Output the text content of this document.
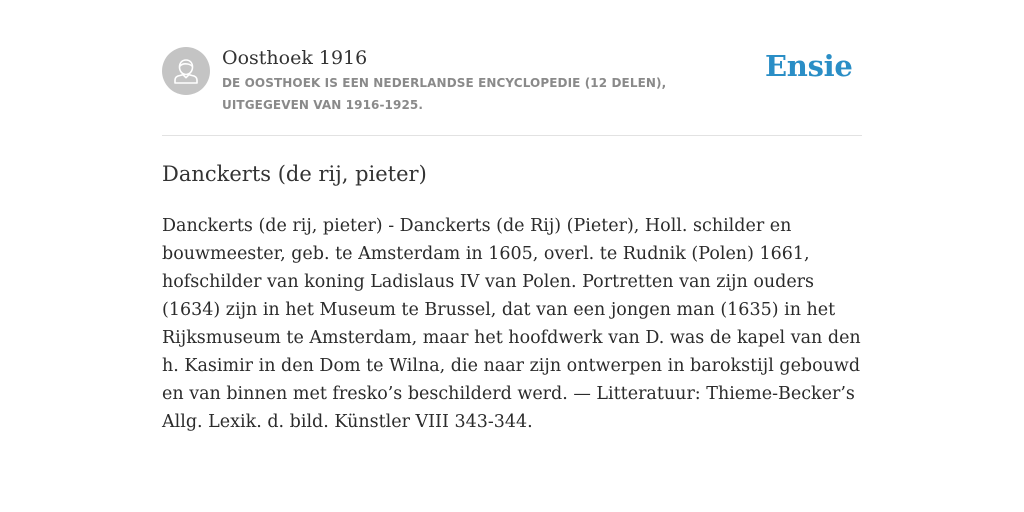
Oosthoek 1916
DE OOSTHOEK IS EEN NEDERLANDSE ENCYCLOPEDIE (12 DELEN), UITGEGEVEN VAN 1916-1925.
Ensie
Danckerts (de rij, pieter)
Danckerts (de rij, pieter) - Danckerts (de Rij) (Pieter), Holl. schilder en bouwmeester, geb. te Amsterdam in 1605, overl. te Rudnik (Polen) 1661, hofschilder van koning Ladislaus IV van Polen. Portretten van zijn ouders (1634) zijn in het Museum te Brussel, dat van een jongen man (1635) in het Rijksmuseum te Amsterdam, maar het hoofdwerk van D. was de kapel van den h. Kasimir in den Dom te Wilna, die naar zijn ontwerpen in barokstijl gebouwd en van binnen met fresko’s beschilderd werd. — Litteratuur: Thieme-Becker’s Allg. Lexik. d. bild. Künstler VIII 343-344.
